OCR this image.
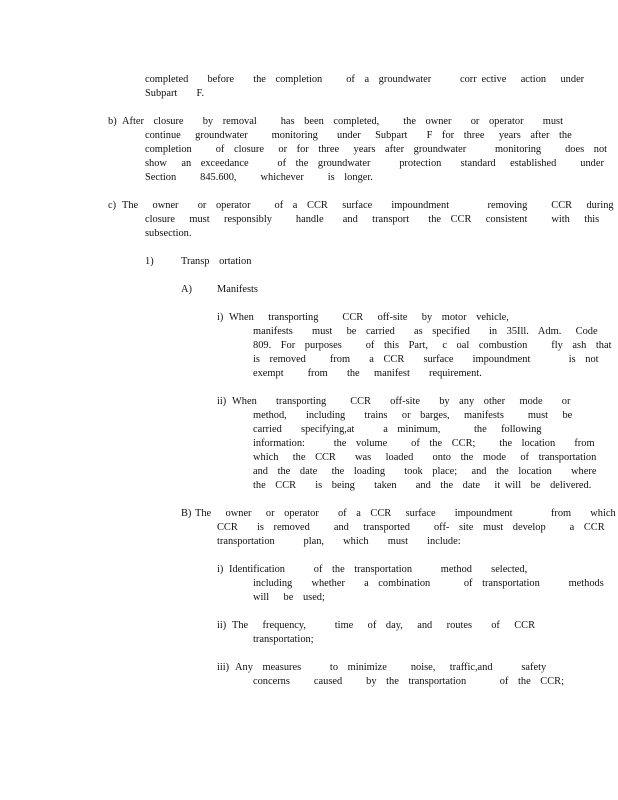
completed    before    the  completion     of  a  groundwater      corr ective   action   under
Subpart    F.
b) After  closure    by  removal     has  been  completed,     the  owner    or  operator    must
continue   groundwater     monitoring    under   Subpart    F  for  three   years  after  the
completion     of  closure   or  for  three   years  after  groundwater      monitoring     does  not
show   an  exceedance      of  the  groundwater      protection    standard   established     under
Section     845.600,     whichever     is  longer.
c) The   owner    or  operator     of  a  CCR   surface    impoundment        removing     CCR   during
closure   must   responsibly     handle    and   transport    the  CCR   consistent     with   this
subsection.
1)	Transp  ortation
A) Manifests
i) When   transporting     CCR   off-site   by  motor  vehicle,
manifests    must   be  carried    as  specified    in  35Ill.  Adm.   Code
809.  For  purposes     of  this  Part,   c  oal  combustion     fly  ash  that
is  removed     from    a  CCR    surface    impoundment        is  not
exempt     from    the   manifest    requirement.
ii) When    transporting     CCR    off-site    by  any  other   mode    or
method,    including    trains   or  barges,   manifests     must   be
carried    specifying,at      a  minimum,       the   following
information:      the  volume     of  the  CCR;     the  location    from
which   the  CCR    was   loaded    onto  the  mode   of  transportation
and  the  date   the  loading    took  place;   and  the  location    where
the  CCR    is  being    taken    and  the  date   it will  be  delivered.
B) The   owner   or  operator    of  a  CCR   surface    impoundment        from    which
CCR    is  removed     and   transported     off-  site  must  develop     a  CCR
transportation      plan,    which    must    include:
i) Identification      of  the  transportation      method    selected,
including    whether    a  combination       of  transportation      methods
will   be  used;
ii) The   frequency,      time   of  day,   and   routes    of   CCR
transportation;
iii) Any  measures      to  minimize     noise,   traffic,and      safety
concerns     caused     by  the  transportation       of  the  CCR;
